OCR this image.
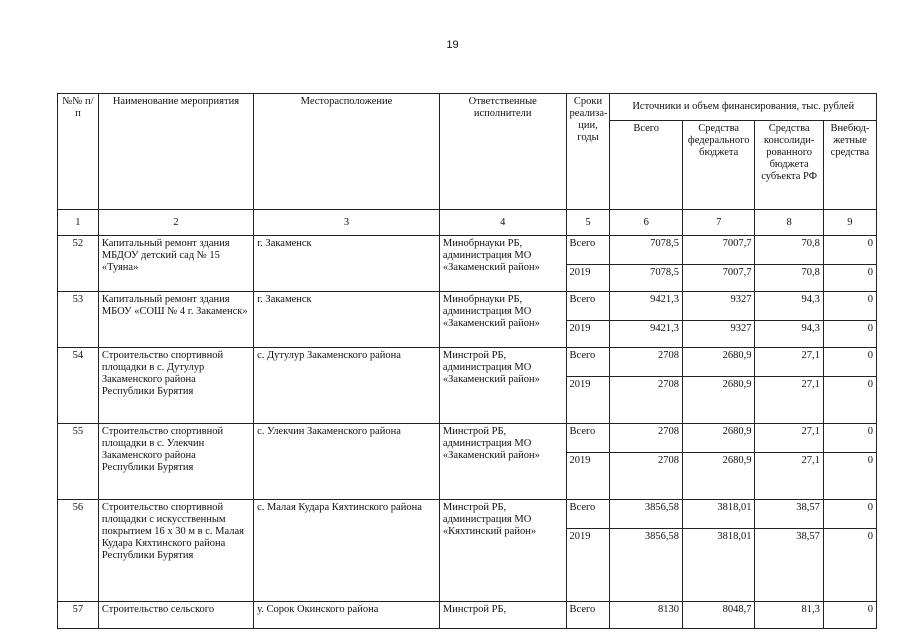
19
№№ п/п	Наименование мероприятия	Месторасположение	Ответственные исполнители	Сроки реализации, годы	Источники и объем финансирования, тыс. рублей			
					Всего	Средства федерального бюджета	Средства консолидированного бюджета субъекта РФ	Внебюджетные средства
1	2	3	4	5	6	7	8	9
52	Капитальный ремонт здания МБДОУ детский сад № 15 «Туяна»	г. Закаменск	Минобрнауки РБ, администрация МО «Закаменский район»	Всего	7078,5	7007,7	70,8	0
				2019	7078,5	7007,7	70,8	0
53	Капитальный ремонт здания МБОУ «СОШ № 4 г. Закаменск»	г. Закаменск	Минобрнауки РБ, администрация МО «Закаменский район»	Всего	9421,3	9327	94,3	0
				2019	9421,3	9327	94,3	0
54	Строительство спортивной площадки в с. Дутулур Закаменского района Республики Бурятия	с. Дутулур Закаменского района	Минстрой РБ, администрация МО «Закаменский район»	Всего	2708	2680,9	27,1	0
				2019	2708	2680,9	27,1	0
55	Строительство спортивной площадки в с. Улекчин Закаменского района Республики Бурятия	с. Улекчин Закаменского района	Минстрой РБ, администрация МО «Закаменский район»	Всего	2708	2680,9	27,1	0
				2019	2708	2680,9	27,1	0
56	Строительство спортивной площадки с искусственным покрытием 16 х 30 м в с. Малая Кудара Кяхтинского района Республики Бурятия	с. Малая Кудара Кяхтинского района	Минстрой РБ, администрация МО «Кяхтинский район»	Всего	3856,58	3818,01	38,57	0
				2019	3856,58	3818,01	38,57	0
57	Строительство сельского	у. Сорок Окинского района	Минстрой РБ,	Всего	8130	8048,7	81,3	0
